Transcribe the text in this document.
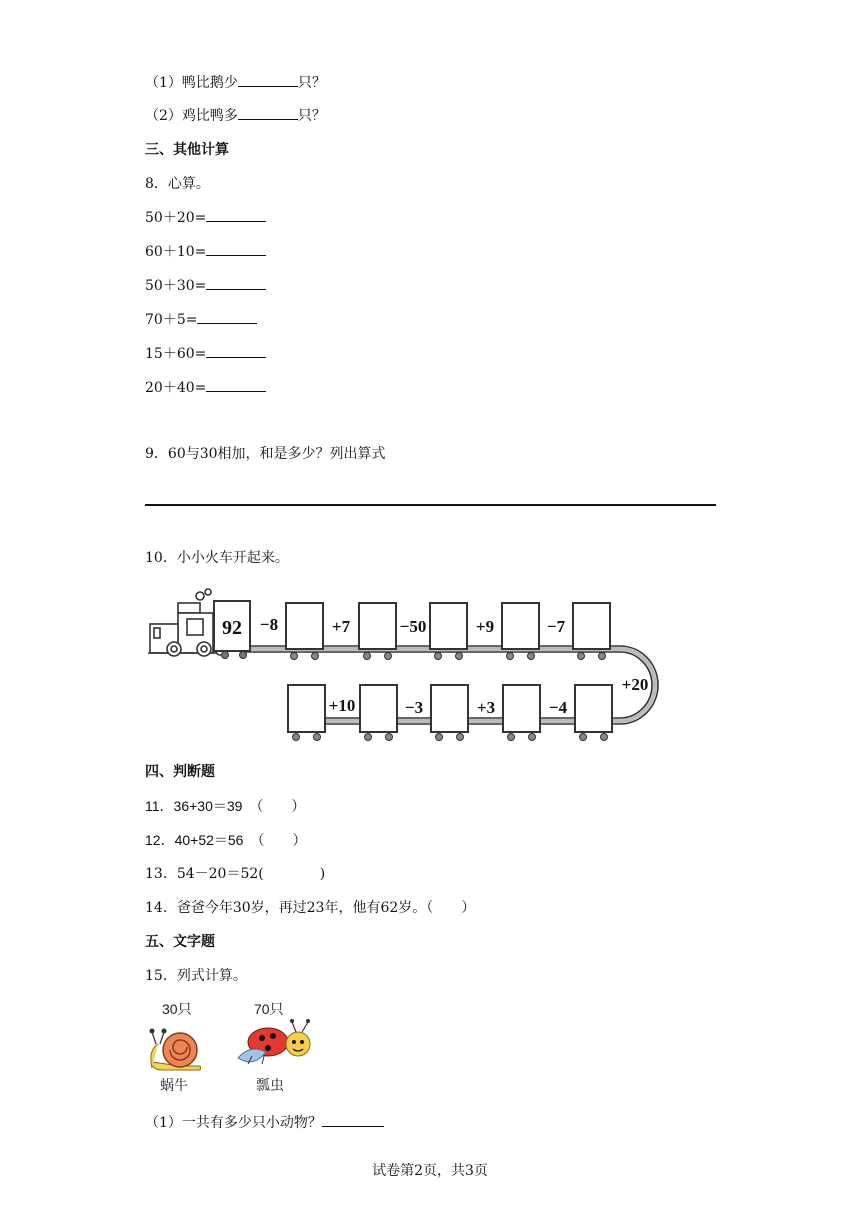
（1）鸭比鹅少	只？
（2）鸡比鸭多	只？
三、其他计算
8．心算。
50＋20=
60＋10=
50＋30=
70＋5=
15＋60=
20＋40=
9．60与30相加，和是多少？列出算式
10．小小火车开起来。
92 −8	+7	−50	+9	−7
+20
+10	−3	+3	−4
四、判断题
11．36+30＝39　（　　）
12．40+52＝56　（　　）
13．54－20＝52(　　　　)
14．爸爸今年30岁，再过23年，他有62岁。（　　）
五、文字题
15．列式计算。
30只	70只
蜗牛	瓢虫
（1）一共有多少只小动物？
试卷第2页，共3页
